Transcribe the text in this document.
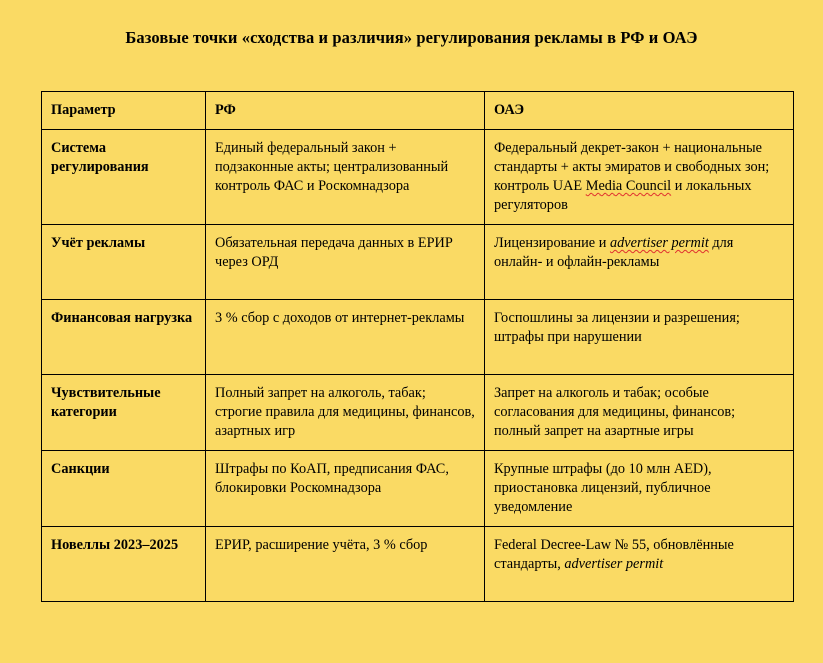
Базовые точки «сходства и различия» регулирования рекламы в РФ и ОАЭ
Параметр	РФ	ОАЭ
Система регулирования	Единый федеральный закон + подзаконные акты; централизованный контроль ФАС и Роскомнадзора	Федеральный декрет-закон + национальные стандарты + акты эмиратов и свободных зон; контроль UAE Media Council и локальных регуляторов
Учёт рекламы	Обязательная передача данных в ЕРИР через ОРД	Лицензирование и advertiser permit для онлайн- и офлайн-рекламы
Финансовая нагрузка	3 % сбор с доходов от интернет-рекламы	Госпошлины за лицензии и разрешения; штрафы при нарушении
Чувствительные категории	Полный запрет на алкоголь, табак; строгие правила для медицины, финансов, азартных игр	Запрет на алкоголь и табак; особые согласования для медицины, финансов; полный запрет на азартные игры
Санкции	Штрафы по КоАП, предписания ФАС, блокировки Роскомнадзора	Крупные штрафы (до 10 млн AED), приостановка лицензий, публичное уведомление
Новеллы 2023–2025	ЕРИР, расширение учёта, 3 % сбор	Federal Decree-Law № 55, обновлённые стандарты, advertiser permit
